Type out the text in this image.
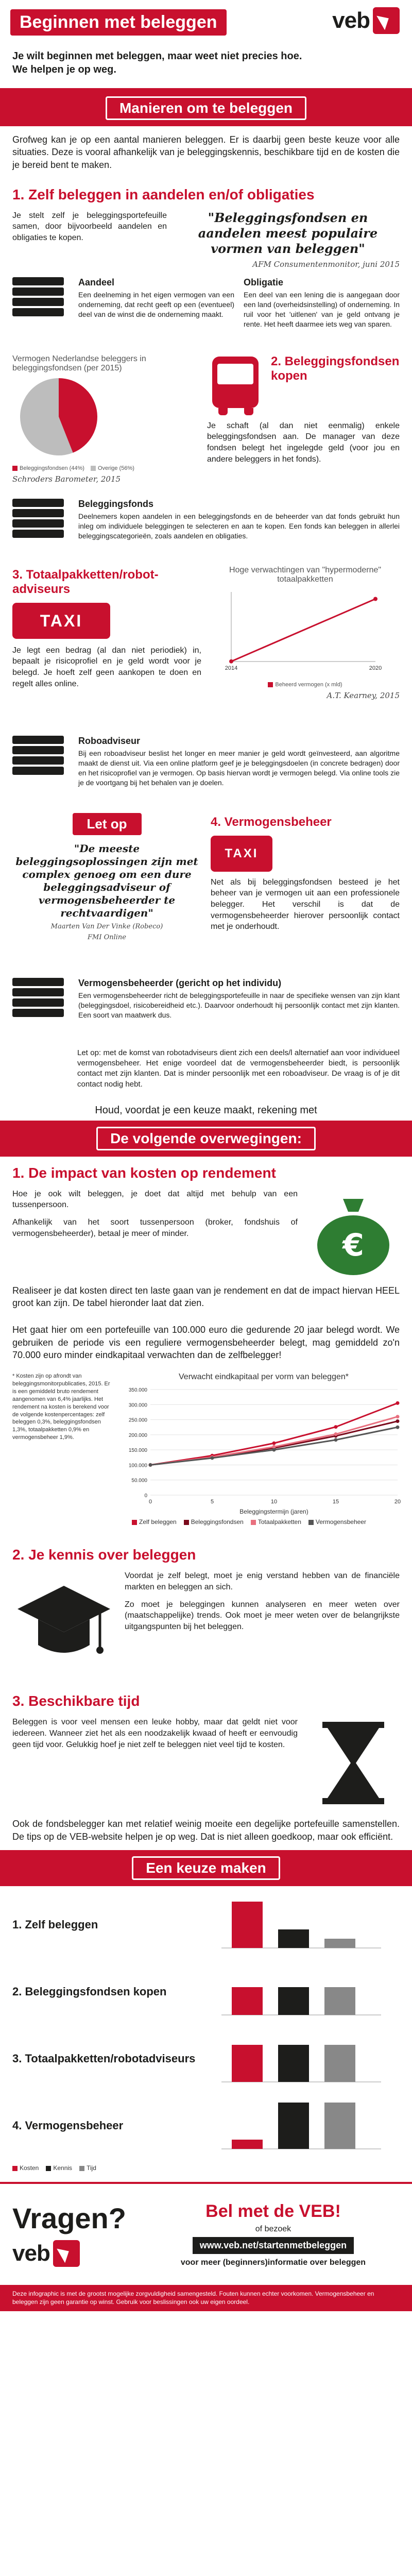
Beginnen met beleggen	veb
Je wilt beginnen met beleggen, maar weet niet precies hoe.
We helpen je op weg.
Manieren om te beleggen
Grofweg kan je op een aantal manieren beleggen. Er is daarbij geen beste keuze voor alle situaties. Deze is vooral afhankelijk van je beleggingskennis, beschikbare tijd en de kosten die je bereid bent te maken.
1. Zelf beleggen in aandelen en/of obligaties
Je stelt zelf je beleggingsportefeuille samen, door bijvoorbeeld aandelen en obligaties te kopen.
"Beleggingsfondsen en aandelen meest populaire vormen van beleggen"
AFM Consumentenmonitor, juni 2015
Aandeel
Een deelneming in het eigen vermogen van een onderneming, dat recht geeft op een (eventueel) deel van de winst die de onderneming maakt.
Obligatie
Een deel van een lening die is aangegaan door een land (overheidsinstelling) of onderneming. In ruil voor het 'uitlenen' van je geld ontvang je rente. Het heeft daarmee iets weg van sparen.
Vermogen Nederlandse beleggers in beleggingsfondsen (per 2015)
Beleggingsfondsen (44%)	Overige (56%)
Schroders Barometer, 2015
2. Beleggingsfondsen kopen
Je schaft (al dan niet eenmalig) enkele beleggingsfondsen aan. De manager van deze fondsen belegt het ingelegde geld (voor jou en andere beleggers in het fonds).
Beleggingsfonds
Deelnemers kopen aandelen in een beleggingsfonds en de beheerder van dat fonds gebruikt hun inleg om individuele beleggingen te selecteren en aan te kopen. Een fonds kan beleggen in allerlei beleggingscategorieën, zoals aandelen en obligaties.
3. Totaalpakketten/robot-adviseurs
TAXI
Je legt een bedrag (al dan niet periodiek) in, bepaalt je risicoprofiel en je geld wordt voor je belegd. Je hoeft zelf geen aankopen te doen en regelt alles online.
Hoge verwachtingen van "hypermoderne" totaalpakketten
2014	2020
Beheerd vermogen (x mld)
A.T. Kearney, 2015
Roboadviseur
Bij een roboadviseur beslist het longer en meer manier je geld wordt geïnvesteerd, aan algoritme maakt de dienst uit. Via een online platform geef je je beleggingsdoelen (in concrete bedragen) door en het risicoprofiel van je vermogen. Op basis hiervan wordt je vermogen belegd. Via online tools zie je de voortgang bij het behalen van je doelen.
Let op
"De meeste beleggingsoplossingen zijn met complex genoeg om een dure beleggingsadviseur of vermogensbeheerder te rechtvaardigen"
Maarten Van Der Vinke (Robeco)
FMI Online
4. Vermogensbeheer
TAXI
Net als bij beleggingsfondsen besteed je het beheer van je vermogen uit aan een professionele belegger. Het verschil is dat de vermogensbeheerder hierover persoonlijk contact met je onderhoudt.
Vermogensbeheerder (gericht op het individu)
Een vermogensbeheerder richt de beleggingsportefeuille in naar de specifieke wensen van zijn klant (beleggingsdoel, risicobereidheid etc.). Daarvoor onderhoudt hij persoonlijk contact met zijn klanten. Een soort van maatwerk dus.
Let op: met de komst van robotadviseurs dient zich een deels/l alternatief aan voor individueel vermogensbeheer. Het enige voordeel dat de vermogensbeheerder biedt, is persoonlijk contact met zijn klanten. Dat is minder persoonlijk met een roboadviseur. De vraag is of je dit contact nodig hebt.
Houd, voordat je een keuze maakt, rekening met
De volgende overwegingen:
1. De impact van kosten op rendement
Hoe je ook wilt beleggen, je doet dat altijd met behulp van een tussenpersoon.
Afhankelijk van het soort tussenpersoon (broker, fondshuis of vermogensbeheerder), betaal je meer of minder.	€
Realiseer je dat kosten direct ten laste gaan van je rendement en dat de impact hiervan HEEL groot kan zijn. De tabel hieronder laat dat zien.
Het gaat hier om een portefeuille van 100.000 euro die gedurende 20 jaar belegd wordt. We gebruiken de periode vis een reguliere vermogensbeheerder belegt, mag gemiddeld zo'n 70.000 euro minder eindkapitaal verwachten dan de zelfbelegger!
* Kosten zijn op afrondt van beleggingsmonitorpublicaties, 2015. Er is een gemiddeld bruto rendement aangenomen van 6,4% jaarlijks. Het rendement na kosten is berekend voor de volgende kostenpercentages: zelf beleggen 0,3%, beleggingsfondsen 1,3%, totaalpakketten 0,9% en vermogensbeheer 1,9%.
Verwacht eindkapitaal per vorm van beleggen*
0
50.000
100.000
150.000
200.000
250.000
300.000
350.000
0	5	10	15	20
Beleggingstermijn (jaren)
Zelf beleggen	Beleggingsfondsen	Totaalpakketten	Vermogensbeheer
2. Je kennis over beleggen
Voordat je zelf belegt, moet je enig verstand hebben van de financiële markten en beleggen an sich.
Zo moet je beleggingen kunnen analyseren en meer weten over (maatschappelijke) trends. Ook moet je meer weten over de belangrijkste uitgangspunten bij het beleggen.
3. Beschikbare tijd
Beleggen is voor veel mensen een leuke hobby, maar dat geldt niet voor iedereen. Wanneer ziet het als een noodzakelijk kwaad of heeft er eenvoudig geen tijd voor. Gelukkig hoef je niet zelf te beleggen niet veel tijd te kosten.
Ook de fondsbelegger kan met relatief weinig moeite een degelijke portefeuille samenstellen. De tips op de VEB-website helpen je op weg. Dat is niet alleen goedkoop, maar ook efficiënt.
Een keuze maken
1. Zelf beleggen
2. Beleggingsfondsen kopen
3. Totaalpakketten/robotadviseurs
4. Vermogensbeheer
Kosten	Kennis	Tijd
Vragen?
veb
Bel met de VEB!
of bezoek
www.veb.net/startenmetbeleggen
voor meer (beginners)informatie over beleggen
Deze infographic is met de grootst mogelijke zorgvuldigheid samengesteld. Fouten kunnen echter voorkomen. Vermogensbeheer en beleggen zijn geen garantie op winst. Gebruik voor beslissingen ook uw eigen oordeel.
